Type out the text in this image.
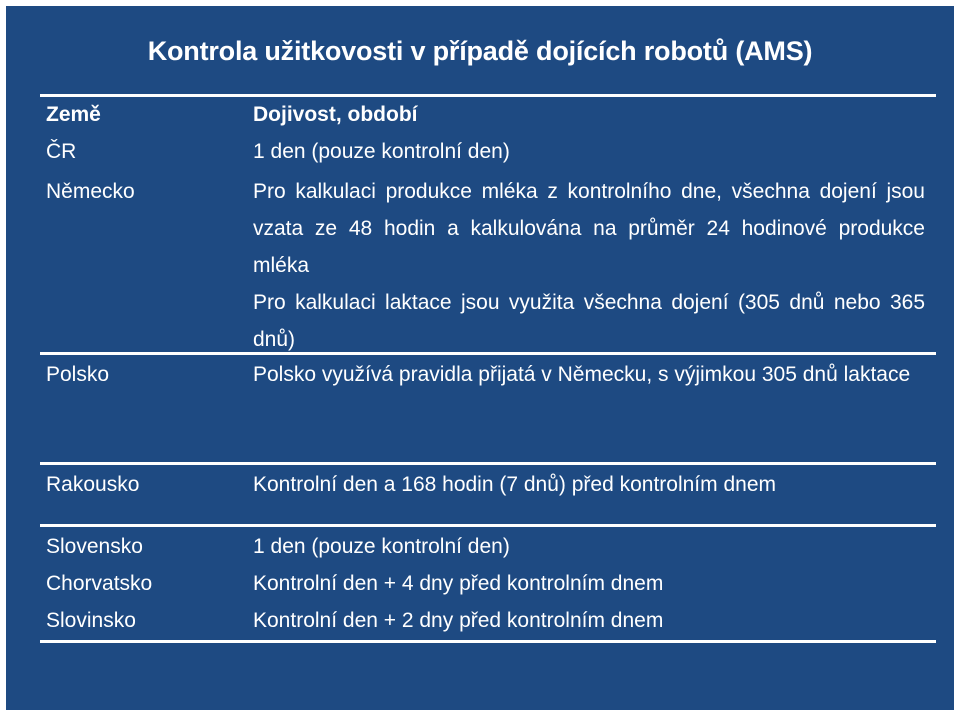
Kontrola užitkovosti v případě dojících robotů (AMS)
Země	Dojivost, období
ČR	1 den (pouze kontrolní den)
Německo	Pro kalkulaci produkce mléka z kontrolního dne, všechna dojení jsou vzata ze 48 hodin a kalkulována na průměr 24 hodinové produkce mléka
Pro kalkulaci laktace jsou využita všechna dojení (305 dnů nebo 365 dnů)
Polsko	Polsko využívá pravidla přijatá v Německu, s výjimkou 305 dnů laktace
Rakousko	Kontrolní den a 168 hodin (7 dnů) před kontrolním dnem
Slovensko	1 den (pouze kontrolní den)
Chorvatsko	Kontrolní den + 4 dny před kontrolním dnem
Slovinsko	Kontrolní den + 2 dny před kontrolním dnem
